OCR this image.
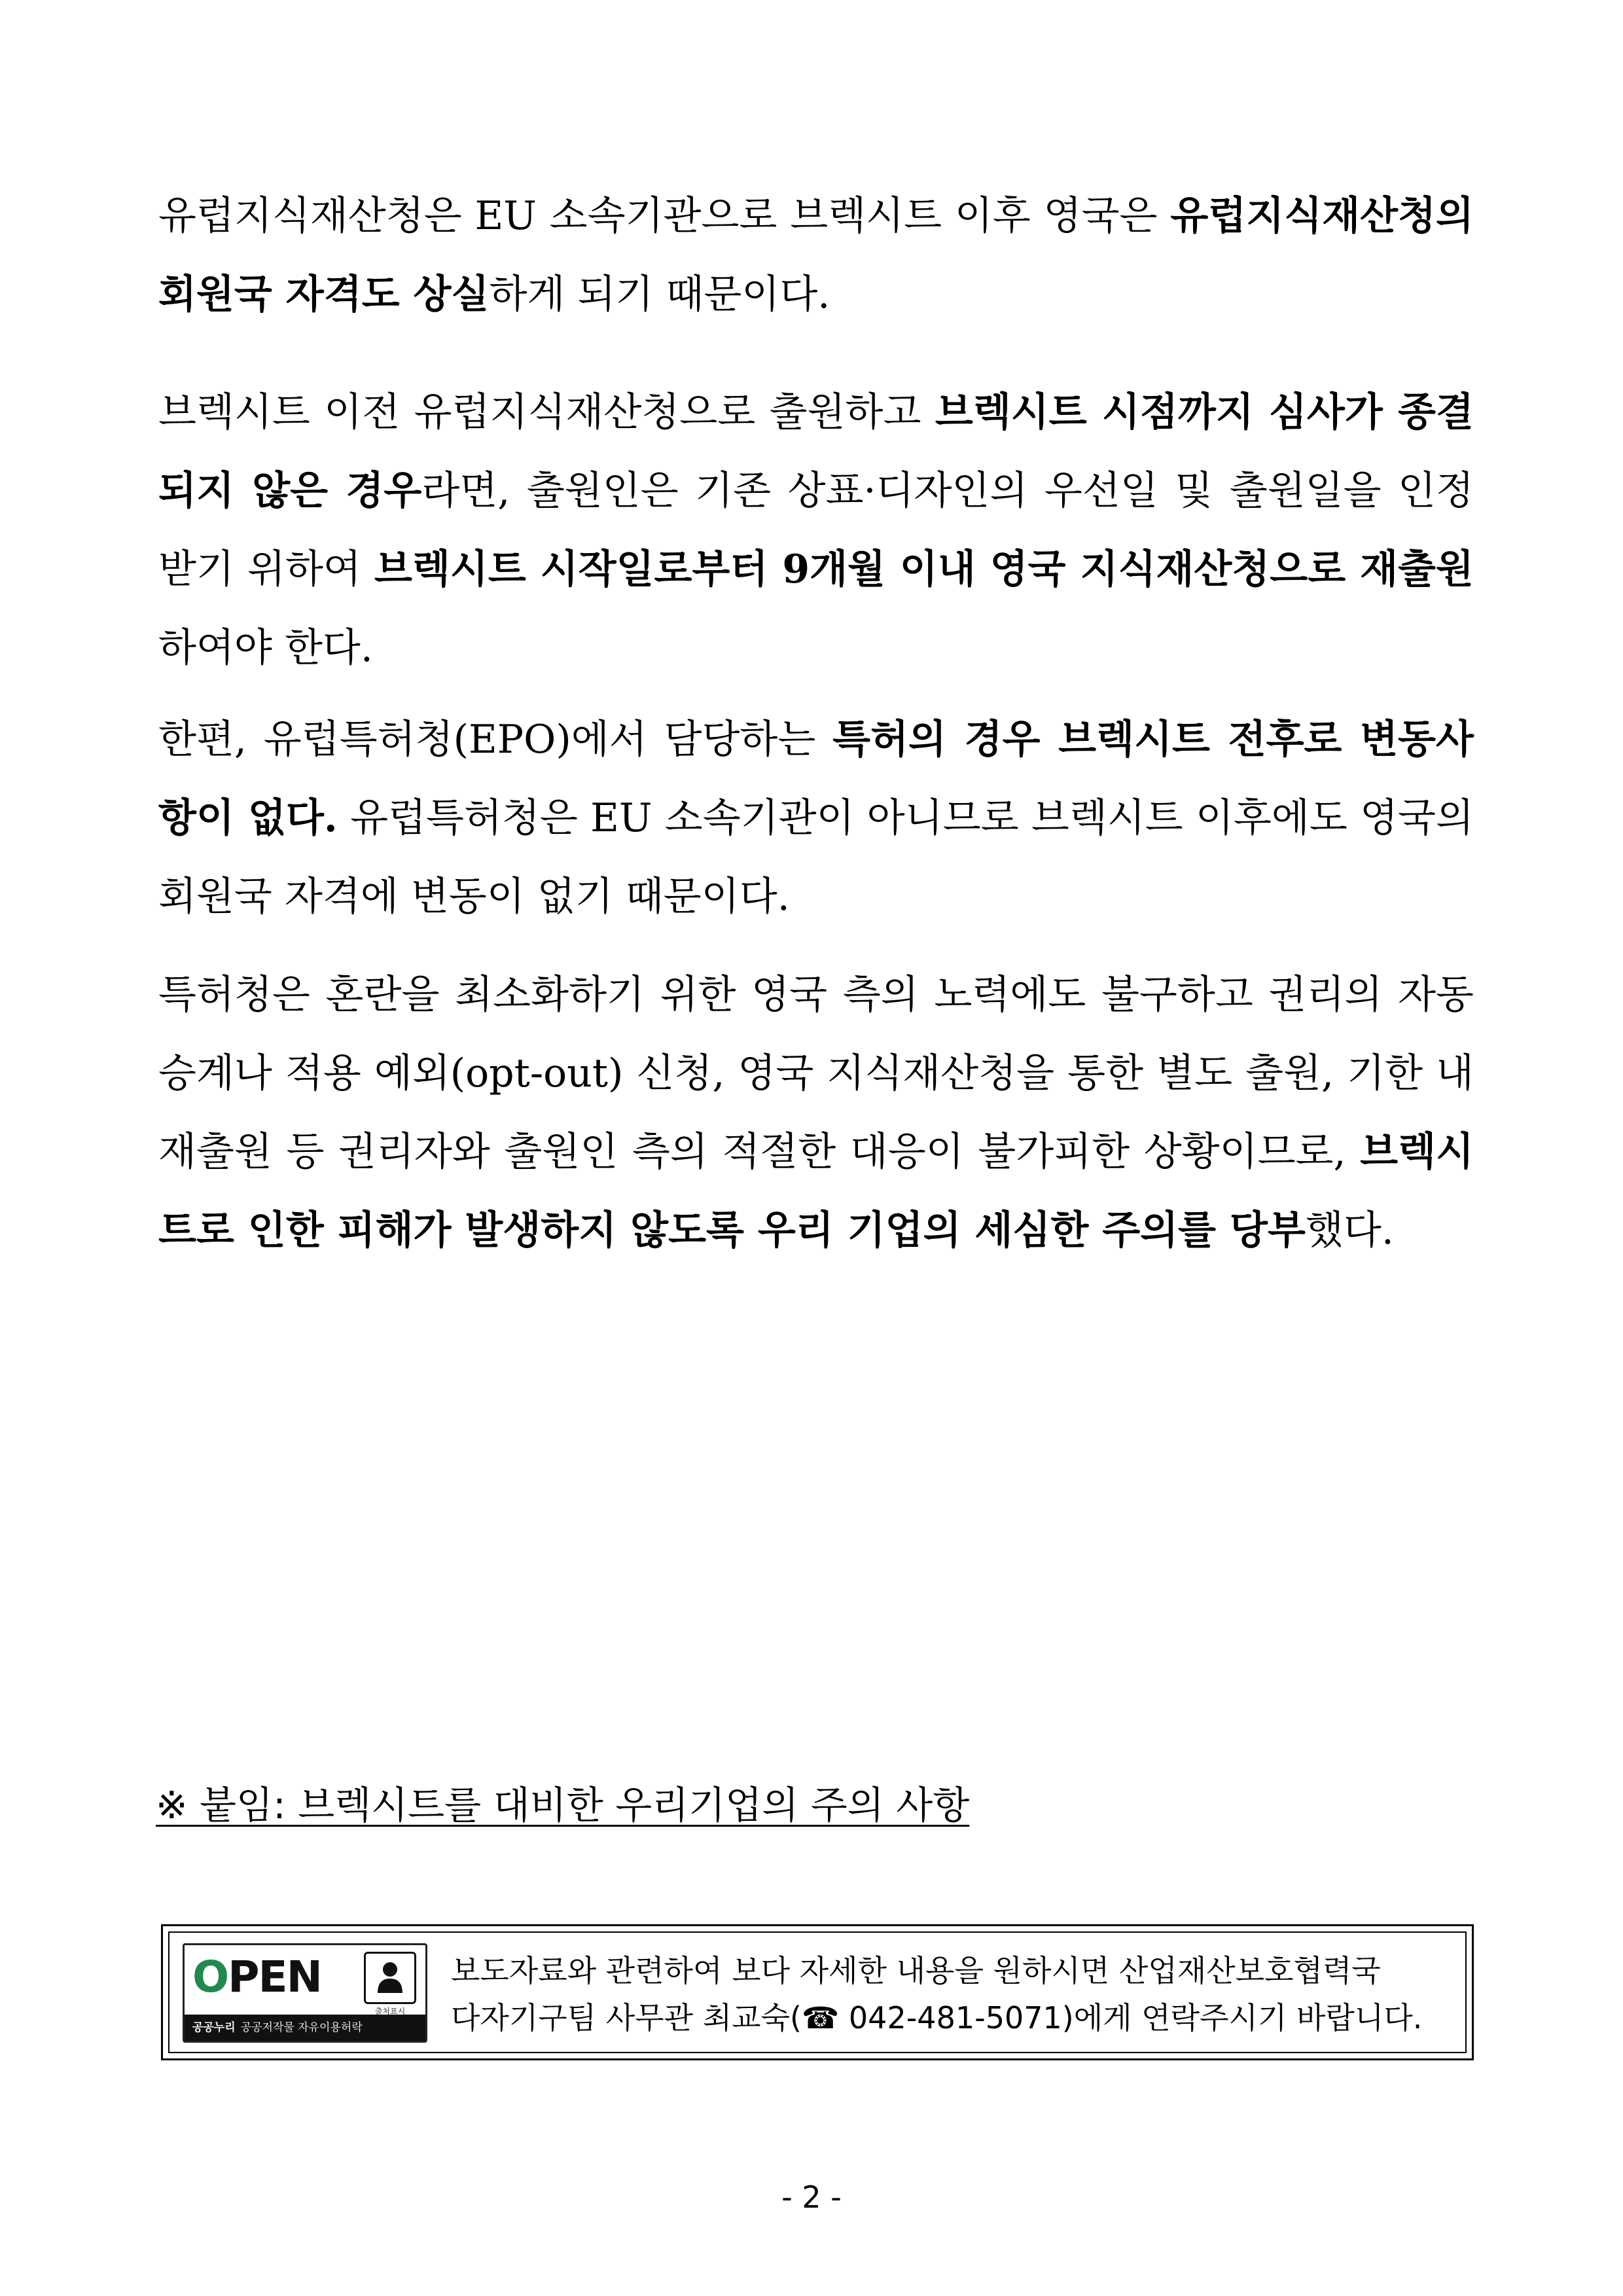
유럽지식재산청은 EU 소속기관으로 브렉시트 이후 영국은 유럽지식재산청의 회원국 자격도 상실하게 되기 때문이다.

브렉시트 이전 유럽지식재산청으로 출원하고 브렉시트 시점까지 심사가 종결되지 않은 경우라면, 출원인은 기존 상표·디자인의 우선일 및 출원일을 인정받기 위하여 브렉시트 시작일로부터 9개월 이내 영국 지식재산청으로 재출원하여야 한다.

한편, 유럽특허청(EPO)에서 담당하는 특허의 경우 브렉시트 전후로 변동사항이 없다. 유럽특허청은 EU 소속기관이 아니므로 브렉시트 이후에도 영국의 회원국 자격에 변동이 없기 때문이다.

특허청은 혼란을 최소화하기 위한 영국 측의 노력에도 불구하고 권리의 자동 승계나 적용 예외(opt-out) 신청, 영국 지식재산청을 통한 별도 출원, 기한 내 재출원 등 권리자와 출원인 측의 적절한 대응이 불가피한 상황이므로, 브렉시트로 인한 피해가 발생하지 않도록 우리 기업의 세심한 주의를 당부했다.

※ 붙임: 브렉시트를 대비한 우리기업의 주의 사항
OPEN
출처표시
공공누리 공공저작물 자유이용허락
보도자료와 관련하여 보다 자세한 내용을 원하시면 산업재산보호협력국
다자기구팀 사무관 최교숙(☎ 042-481-5071)에게 연락주시기 바랍니다.
- 2 -
